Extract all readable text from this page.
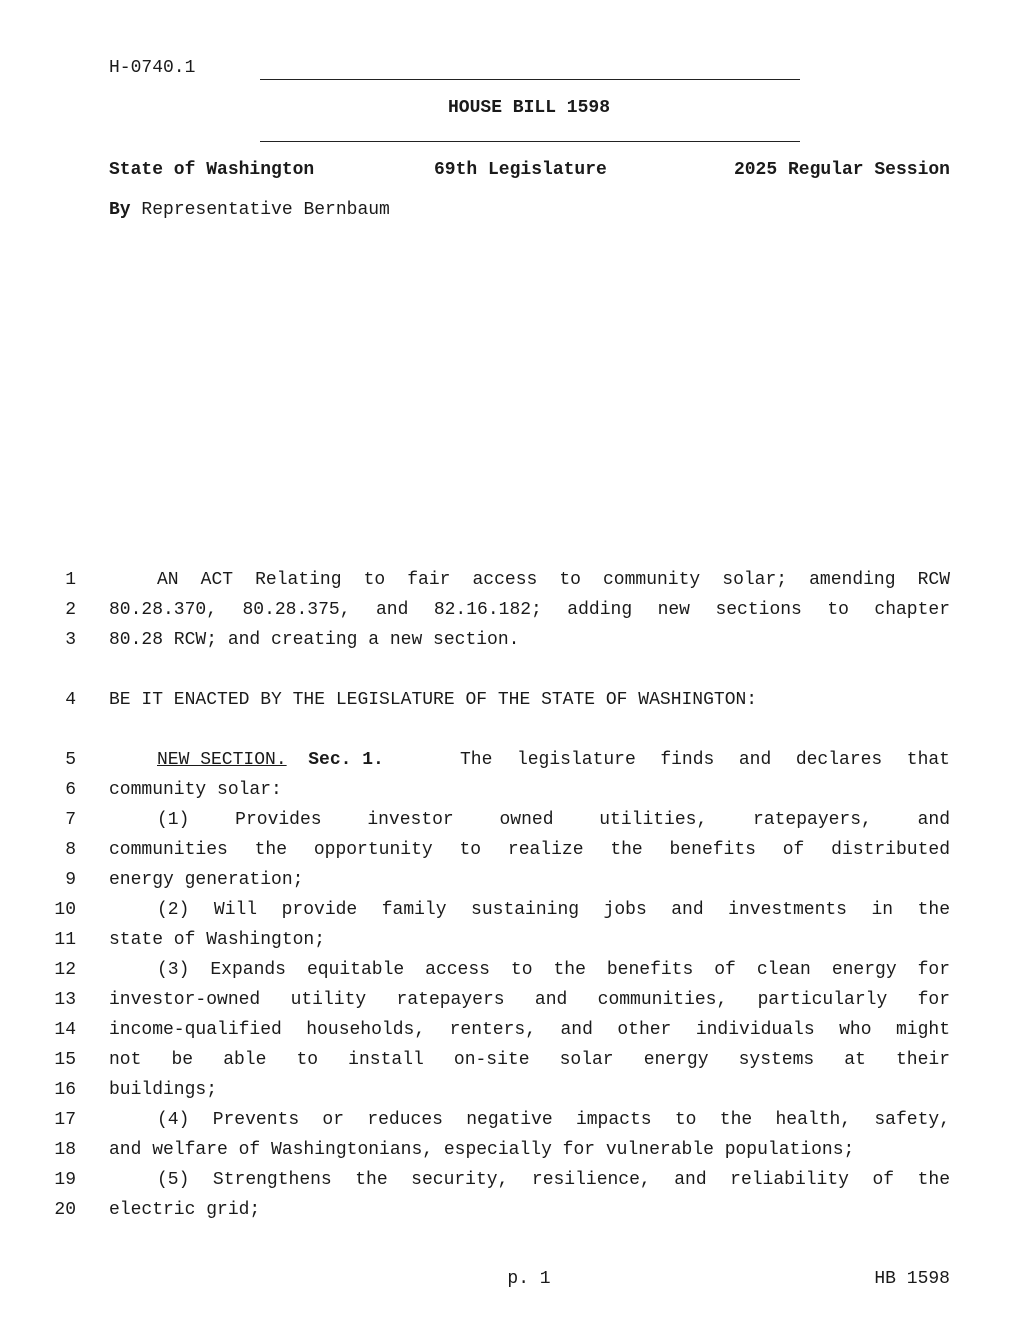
H-0740.1
HOUSE BILL 1598
State of Washington	69th Legislature	2025 Regular Session
By Representative Bernbaum
1
2
3
4
5
6
7
8
9
10
11
12
13
14
15
16
17
18
19
20
AN ACT Relating to fair access to community solar; amending RCW
80.28.370, 80.28.375, and 82.16.182; adding new sections to chapter
80.28 RCW; and creating a new section.
BE IT ENACTED BY THE LEGISLATURE OF THE STATE OF WASHINGTON:
NEW SECTION. Sec. 1.	The legislature finds and declares that
community solar:
(1) Provides investor owned utilities, ratepayers, and
communities the opportunity to realize the benefits of distributed
energy generation;
(2) Will provide family sustaining jobs and investments in the
state of Washington;
(3) Expands equitable access to the benefits of clean energy for
investor-owned utility ratepayers and communities, particularly for
income-qualified households, renters, and other individuals who might
not be able to install on-site solar energy systems at their
buildings;
(4) Prevents or reduces negative impacts to the health, safety,
and welfare of Washingtonians, especially for vulnerable populations;
(5) Strengthens the security, resilience, and reliability of the
electric grid;
p. 1	HB 1598
